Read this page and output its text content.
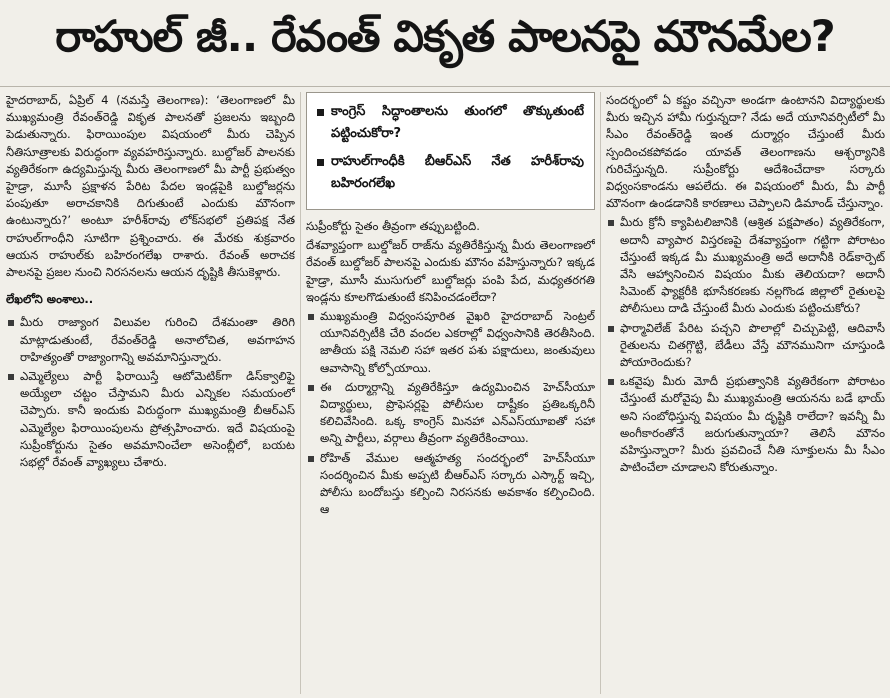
రాహుల్ జీ.. రేవంత్ వికృత పాలనపై మౌనమేల?

హైదరాబాద్, ఏప్రిల్ 4 (నమస్తే తెలంగాణ): ‘తెలంగాణలో మీ ముఖ్యమంత్రి రేవంత్‌రెడ్డి వికృత పాలనతో ప్రజలను ఇబ్బంది పెడుతున్నారు. ఫిరాయింపుల విషయంలో మీరు చెప్పిన నీతిసూత్రాలకు విరుద్ధంగా వ్యవహరిస్తున్నారు. బుల్డోజర్ పాలనకు వ్యతిరేకంగా ఉద్యమిస్తున్న మీరు తెలంగాణలో మీ పార్టీ ప్రభుత్వం హైడ్రా, మూసీ ప్రక్షాళన పేరిట పేదల ఇండ్లపైకి బుల్డోజర్లను పంపుతూ అరాచకానికి దిగుతుంటే ఎందుకు మౌనంగా ఉంటున్నారు?’ అంటూ హరీశ్‌రావు లోక్‌సభలో ప్రతిపక్ష నేత రాహుల్‌గాంధీని సూటిగా ప్రశ్నించారు. ఈ మేరకు శుక్రవారం ఆయన రాహుల్‌కు బహిరంగలేఖ రాశారు. రేవంత్ అరాచక పాలనపై ప్రజల నుంచి నిరసనలను ఆయన దృష్టికి తీసుకెళ్లారు.

లేఖలోని అంశాలు..

మీరు రాజ్యాంగ విలువల గురించి దేశమంతా తిరిగి మాట్లాడుతుంటే, రేవంత్‌రెడ్డి అనాలోచిత, అవగాహన రాహిత్యంతో రాజ్యాంగాన్ని అవమానిస్తున్నారు.

ఎమ్మెల్యేలు పార్టీ ఫిరాయిస్తే ఆటోమెటిక్‌గా డిస్‌క్వాలిఫై అయ్యేలా చట్టం చేస్తామని మీరు ఎన్నికల సమయంలో చెప్పారు. కానీ ఇందుకు విరుద్ధంగా ముఖ్యమంత్రి బీఆర్‌ఎస్ ఎమ్మెల్యేల ఫిరాయింపులను ప్రోత్సహించారు. ఇదే విషయంపై సుప్రీంకోర్టును సైతం అవమానించేలా అసెంబ్లీలో, బయట సభల్లో రేవంత్ వ్యాఖ్యలు చేశారు.

కాంగ్రెస్ సిద్ధాంతాలను తుంగలో తొక్కుతుంటే పట్టించుకోరా?
రాహుల్‌గాంధీకి బీఆర్‌ఎస్ నేత హరీశ్‌రావు బహిరంగలేఖ

సుప్రీంకోర్టు సైతం తీవ్రంగా తప్పుబట్టింది.

దేశవ్యాప్తంగా బుల్డోజర్ రాజ్‌ను వ్యతిరేకిస్తున్న మీరు తెలంగాణలో రేవంత్ బుల్డోజర్ పాలనపై ఎందుకు మౌనం వహిస్తున్నారు? ఇక్కడ హైడ్రా, మూసీ ముసుగులో బుల్డోజర్లు పంపి పేద, మధ్యతరగతి ఇండ్లను కూలగొడుతుంటే కనిపించడంలేదా?

ముఖ్యమంత్రి విధ్వంసపూరిత వైఖరి హైదరాబాద్ సెంట్రల్ యూనివర్సిటీకి చేరి వందల ఎకరాల్లో విధ్వంసానికి తెరతీసింది. జాతీయ పక్షి నెమలి సహా ఇతర పశు పక్షాదులు, జంతువులు ఆవాసాన్ని కోల్పోయాయి.

ఈ దుర్మార్గాన్ని వ్యతిరేకిస్తూ ఉద్యమించిన హెచ్‌సీయూ విద్యార్థులు, ప్రొఫెసర్లపై పోలీసుల దాష్టీకం ప్రతిఒక్కరినీ కలిచివేసింది. ఒక్క కాంగ్రెస్ మినహా ఎన్‌ఎస్‌యూఐతో సహా అన్ని పార్టీలు, వర్గాలు తీవ్రంగా వ్యతిరేకించాయి.

రోహిత్ వేముల ఆత్మహత్య సందర్భంలో హెచ్‌సీయూ సందర్శించిన మీకు అప్పటి బీఆర్‌ఎస్ సర్కారు ఎస్కార్ట్ ఇచ్చి, పోలీసు బందోబస్తు కల్పించి నిరసనకు అవకాశం కల్పించింది. ఆ

సందర్భంలో ఏ కష్టం వచ్చినా అండగా ఉంటానని విద్యార్థులకు మీరు ఇచ్చిన హామీ గుర్తున్నదా? నేడు అదే యూనివర్సిటీలో మీ సీఎం రేవంత్‌రెడ్డి ఇంత దుర్మార్గం చేస్తుంటే మీరు స్పందించకపోవడం యావత్ తెలంగాణను ఆశ్చర్యానికి గురిచేస్తున్నది. సుప్రీంకోర్టు ఆదేశించేదాకా సర్కారు విధ్వంసకాండను ఆపలేదు. ఈ విషయంలో మీరు, మీ పార్టీ మౌనంగా ఉండడానికి కారణాలు చెప్పాలని డిమాండ్ చేస్తున్నాం.

మీరు క్రోనీ క్యాపిటలిజానికి (ఆశ్రిత పక్షపాతం) వ్యతిరేకంగా, అదానీ వ్యాపార విస్తరణపై దేశవ్యాప్తంగా గట్టిగా పోరాటం చేస్తుంటే ఇక్కడ మీ ముఖ్యమంత్రి అదే అదానీకి రెడ్‌కార్పెట్ వేసి ఆహ్వానించిన విషయం మీకు తెలియదా? అదానీ సిమెంట్ ఫ్యాక్టరీకి భూసేకరణకు నల్లగొండ జిల్లాలో రైతులపై పోలీసులు దాడి చేస్తుంటే మీరు ఎందుకు పట్టించుకోరు?

ఫార్మావిలేజ్ పేరిట పచ్చని పొలాల్లో చిచ్చుపెట్టి, ఆదివాసీ రైతులను చితగ్గొట్టి, బేడీలు వేస్తే మౌనమునిగా చూస్తుండి పోయారెందుకు?

ఒకవైపు మీరు మోదీ ప్రభుత్వానికి వ్యతిరేకంగా పోరాటం చేస్తుంటే మరోవైపు మీ ముఖ్యమంత్రి ఆయనను బడే భాయ్ అని సంబోధిస్తున్న విషయం మీ దృష్టికి రాలేదా? ఇవన్నీ మీ అంగీకారంతోనే జరుగుతున్నాయా? తెలిసే మౌనం వహిస్తున్నారా? మీరు ప్రవచించే నీతి సూక్తులను మీ సీఎం పాటించేలా చూడాలని కోరుతున్నాం.
